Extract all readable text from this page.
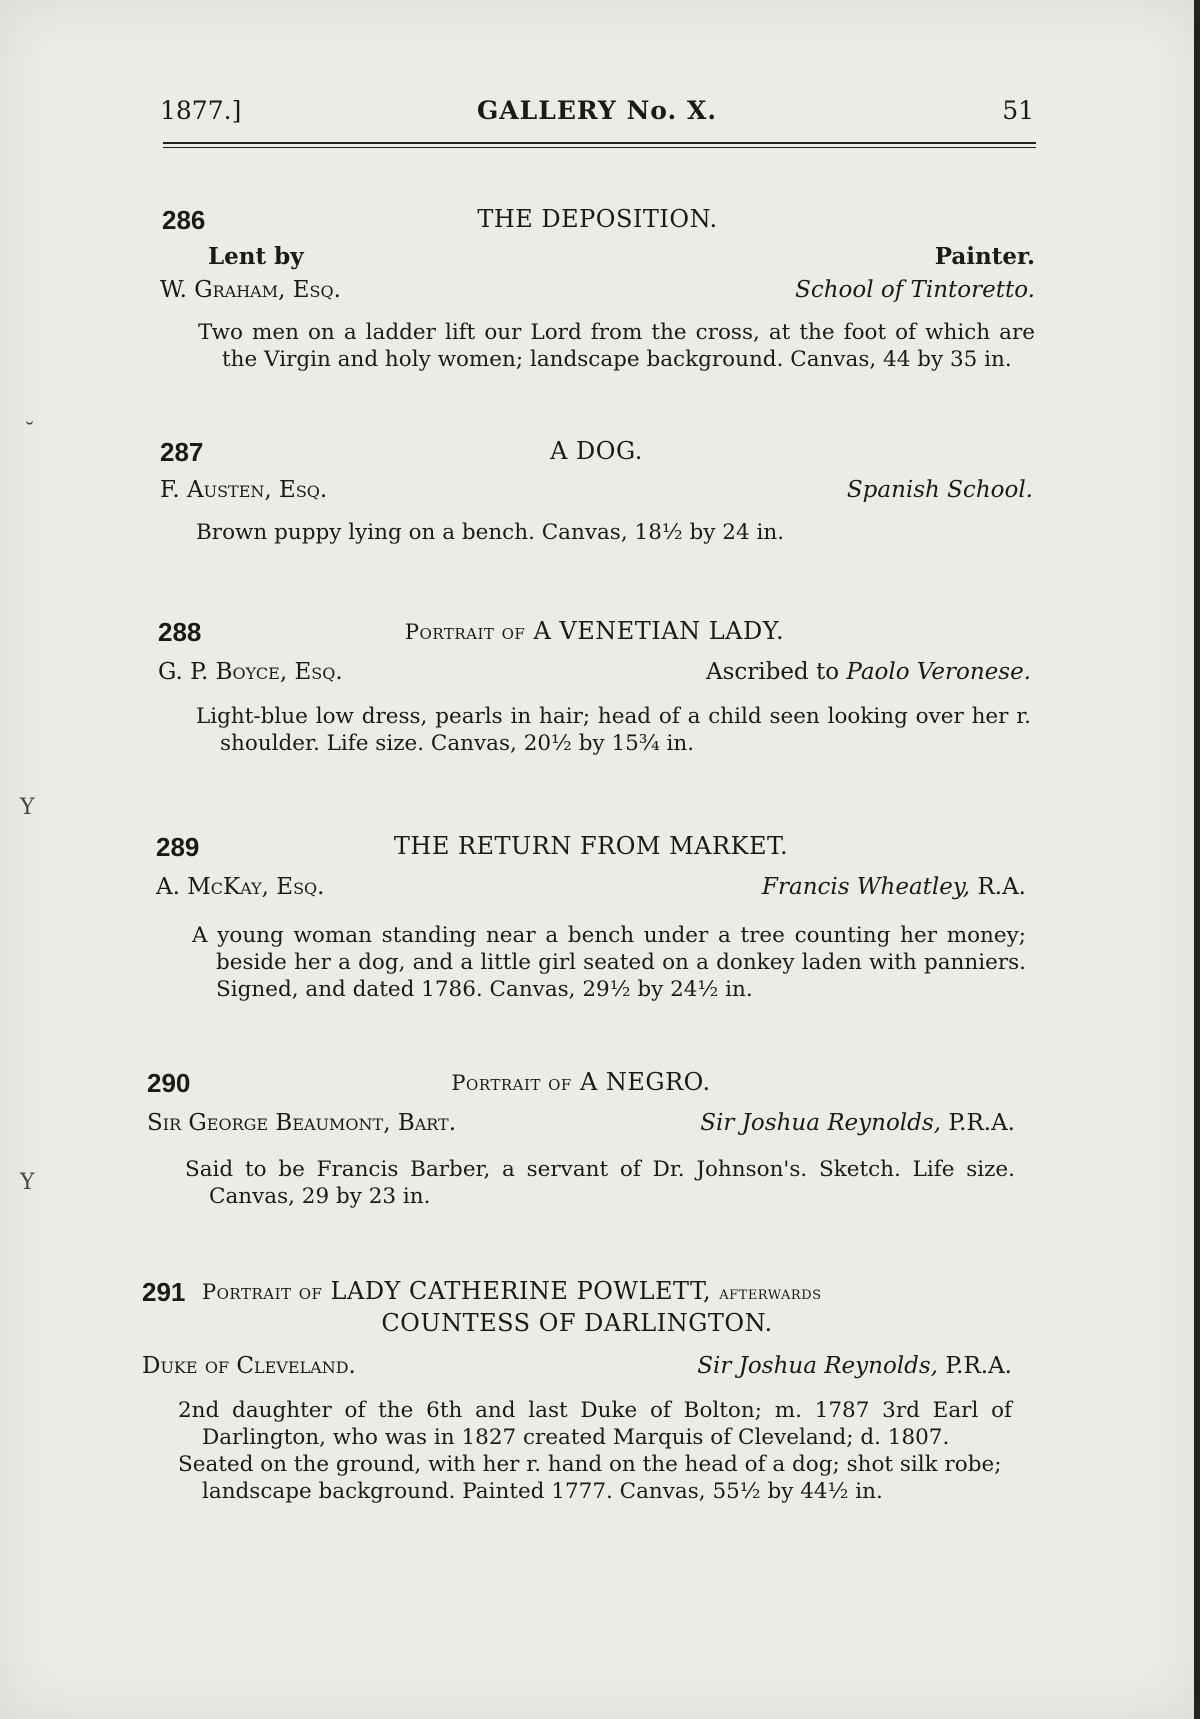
˘
Y
Y
1877.]	GALLERY No. X.	51
286	THE DEPOSITION.
Lent by	Painter.
W. Graham, Esq.	School of Tintoretto.
Two men on a ladder lift our Lord from the cross, at the foot of which are the Virgin and holy women; landscape background. Canvas, 44 by 35 in.
287	A DOG.
F. Austen, Esq.	Spanish School.
Brown puppy lying on a bench. Canvas, 18½ by 24 in.
288	Portrait of A VENETIAN LADY.
G. P. Boyce, Esq.	Ascribed to Paolo Veronese.
Light-blue low dress, pearls in hair; head of a child seen looking over her r. shoulder. Life size. Canvas, 20½ by 15¾ in.
289	THE RETURN FROM MARKET.
A. McKay, Esq.	Francis Wheatley, R.A.
A young woman standing near a bench under a tree counting her money; beside her a dog, and a little girl seated on a donkey laden with panniers. Signed, and dated 1786. Canvas, 29½ by 24½ in.
290	Portrait of A NEGRO.
Sir George Beaumont, Bart.	Sir Joshua Reynolds, P.R.A.
Said to be Francis Barber, a servant of Dr. Johnson's. Sketch. Life size. Canvas, 29 by 23 in.
291 Portrait of LADY CATHERINE POWLETT, afterwards
COUNTESS OF DARLINGTON.
Duke of Cleveland.	Sir Joshua Reynolds, P.R.A.
2nd daughter of the 6th and last Duke of Bolton; m. 1787 3rd Earl of Darlington, who was in 1827 created Marquis of Cleveland; d. 1807.
Seated on the ground, with her r. hand on the head of a dog; shot silk robe; landscape background. Painted 1777. Canvas, 55½ by 44½ in.
